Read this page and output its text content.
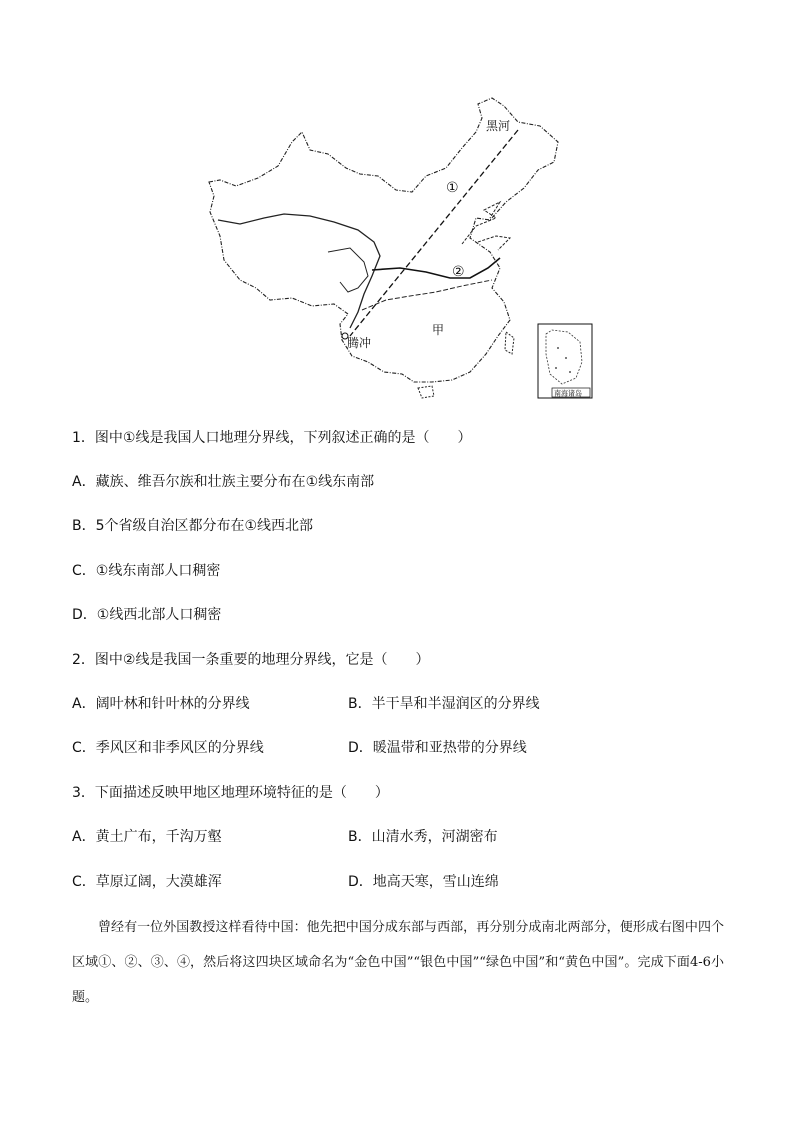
黑河
腾冲
甲
①
②
南海诸岛
1．图中①线是我国人口地理分界线，下列叙述正确的是（　　）
A．藏族、维吾尔族和壮族主要分布在①线东南部
B．5个省级自治区都分布在①线西北部
C．①线东南部人口稠密
D．①线西北部人口稠密
2．图中②线是我国一条重要的地理分界线，它是（　　）
A．阔叶林和针叶林的分界线	B．半干旱和半湿润区的分界线
C．季风区和非季风区的分界线	D．暖温带和亚热带的分界线
3．下面描述反映甲地区地理环境特征的是（　　）
A．黄土广布，千沟万壑	B．山清水秀，河湖密布
C．草原辽阔，大漠雄浑	D．地高天寒，雪山连绵
曾经有一位外国教授这样看待中国：他先把中国分成东部与西部，再分别分成南北两部分，便形成右图中四个区域①、②、③、④，然后将这四块区域命名为“金色中国”“银色中国”“绿色中国”和“黄色中国”。完成下面4-6小题。
